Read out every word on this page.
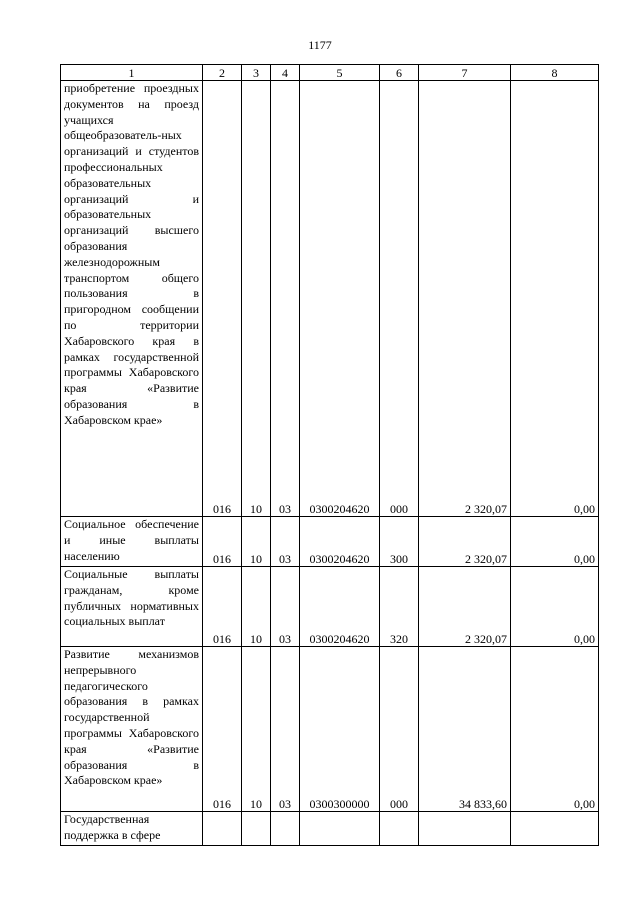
1177
1	2	3	4	5	6	7	8
приобретение проездных документов на проезд учащихся общеобразователь-ных организаций и студентов профессиональных образовательных организаций и образовательных организаций высшего образования железнодорожным транспортом общего пользования в пригородном сообщении по территории Хабаровского края в рамках государственной программы Хабаровского края «Развитие образования в Хабаровском крае»	016	10	03	0300204620	000	2 320,07	0,00
Социальное обеспечение и иные выплаты населению	016	10	03	0300204620	300	2 320,07	0,00
Социальные выплаты гражданам, кроме публичных нормативных социальных выплат	016	10	03	0300204620	320	2 320,07	0,00
Развитие механизмов непрерывного педагогического образования в рамках государственной программы Хабаровского края «Развитие образования в Хабаровском крае»	016	10	03	0300300000	000	34 833,60	0,00
Государственная поддержка в сфере							
